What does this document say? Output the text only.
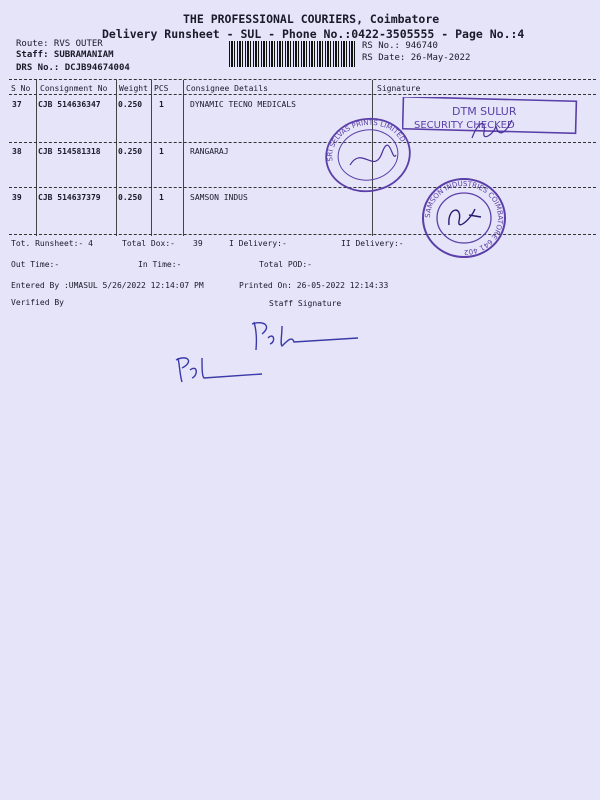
THE PROFESSIONAL COURIERS, Coimbatore
Delivery Runsheet - SUL - Phone No.:0422-3505555 - Page No.:4
Route: RVS OUTER
Staff: SUBRAMANIAM
DRS No.: DCJB94674004
RS No.: 946740
RS Date: 26-May-2022
S No Consignment No Weight PCS Consignee Details	Signature
37 CJB 514636347 0.250 1	DYNAMIC TECNO MEDICALS
38 CJB 514581318 0.250 1	RANGARAJ
39 CJB 514637379 0.250 1	SAMSON INDUS
Tot. Runsheet:- 4	Total Dox:- 39	I Delivery:-	II Delivery:-
Out Time:-	In Time:-	Total POD:-
Entered By :UMASUL 5/26/2022 12:14:07 PM	Printed On: 26-05-2022 12:14:33
Verified By	Staff Signature
DTM SULUR
SECURITY CHECKED
SRI SELVAS PRINTS LIMITED
SAMSON INDUSTRIES COIMBATORE 641 402
